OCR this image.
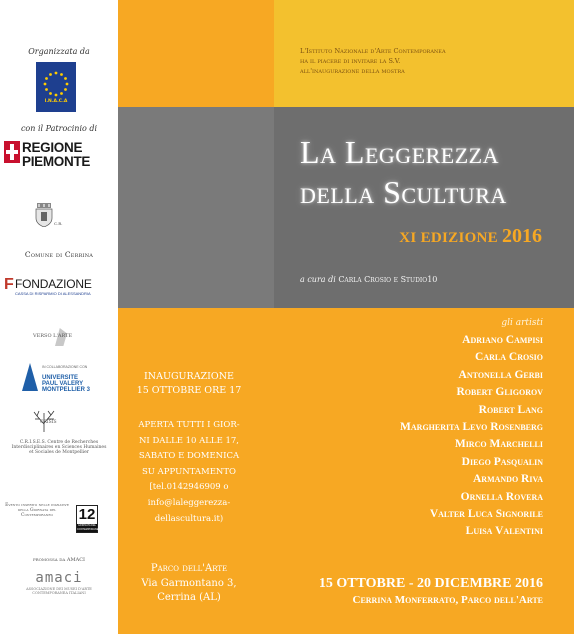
Organizzata da
I.N.A.C.A
con il Patrocinio di
REGIONE
PIEMONTE
C.R.
Comune di Cerrina
F FONDAZIONE
CASSA DI RISPARMIO DI ALESSANDRIA
VERSO L'ARTE
IN COLLABORAZIONE CON
UNIVERSITE
PAUL VALERY
MONTPELLIER 3
CRISIS
C.R.I.S.E.S. Centre de Recherches Interdisciplinaires en Sciences Humaines et Sociales de Montpellier
Evento inserito nelle iniziative della Giornata del Contemporaneo	12
GIORNATA DEL CONTEMPORANEO
promossa da AMACI
amaci
ASSOCIAZIONE DEI MUSEI D'ARTE CONTEMPORANEA ITALIANI
L'Istituto Nazionale d'Arte Contemporanea
ha il piacere di invitare la S.V.
all'inaugurazione della mostra
La Leggerezza
della Scultura
XI EDIZIONE 2016
a cura di Carla Crosio e Studio10
gli artisti
Adriano Campisi
Carla Crosio
Antonella Gerbi
Robert Gligorov
Robert Lang
Margherita Levo Rosenberg
Mirco Marchelli
Diego Pasqualin
Armando Riva
Ornella Rovera
Valter Luca Signorile
Luisa Valentini
INAUGURAZIONE
15 OTTOBRE ORE 17
APERTA TUTTI I GIOR-
NI DALLE 10 ALLE 17,
SABATO E DOMENICA
SU APPUNTAMENTO
[tel.0142946909 o
info@laleggerezza-
dellascultura.it)
Parco dell'Arte
Via Garmontano 3,
Cerrina (AL)
15 OTTOBRE - 20 DICEMBRE 2016
Cerrina Monferrato, Parco dell'Arte
